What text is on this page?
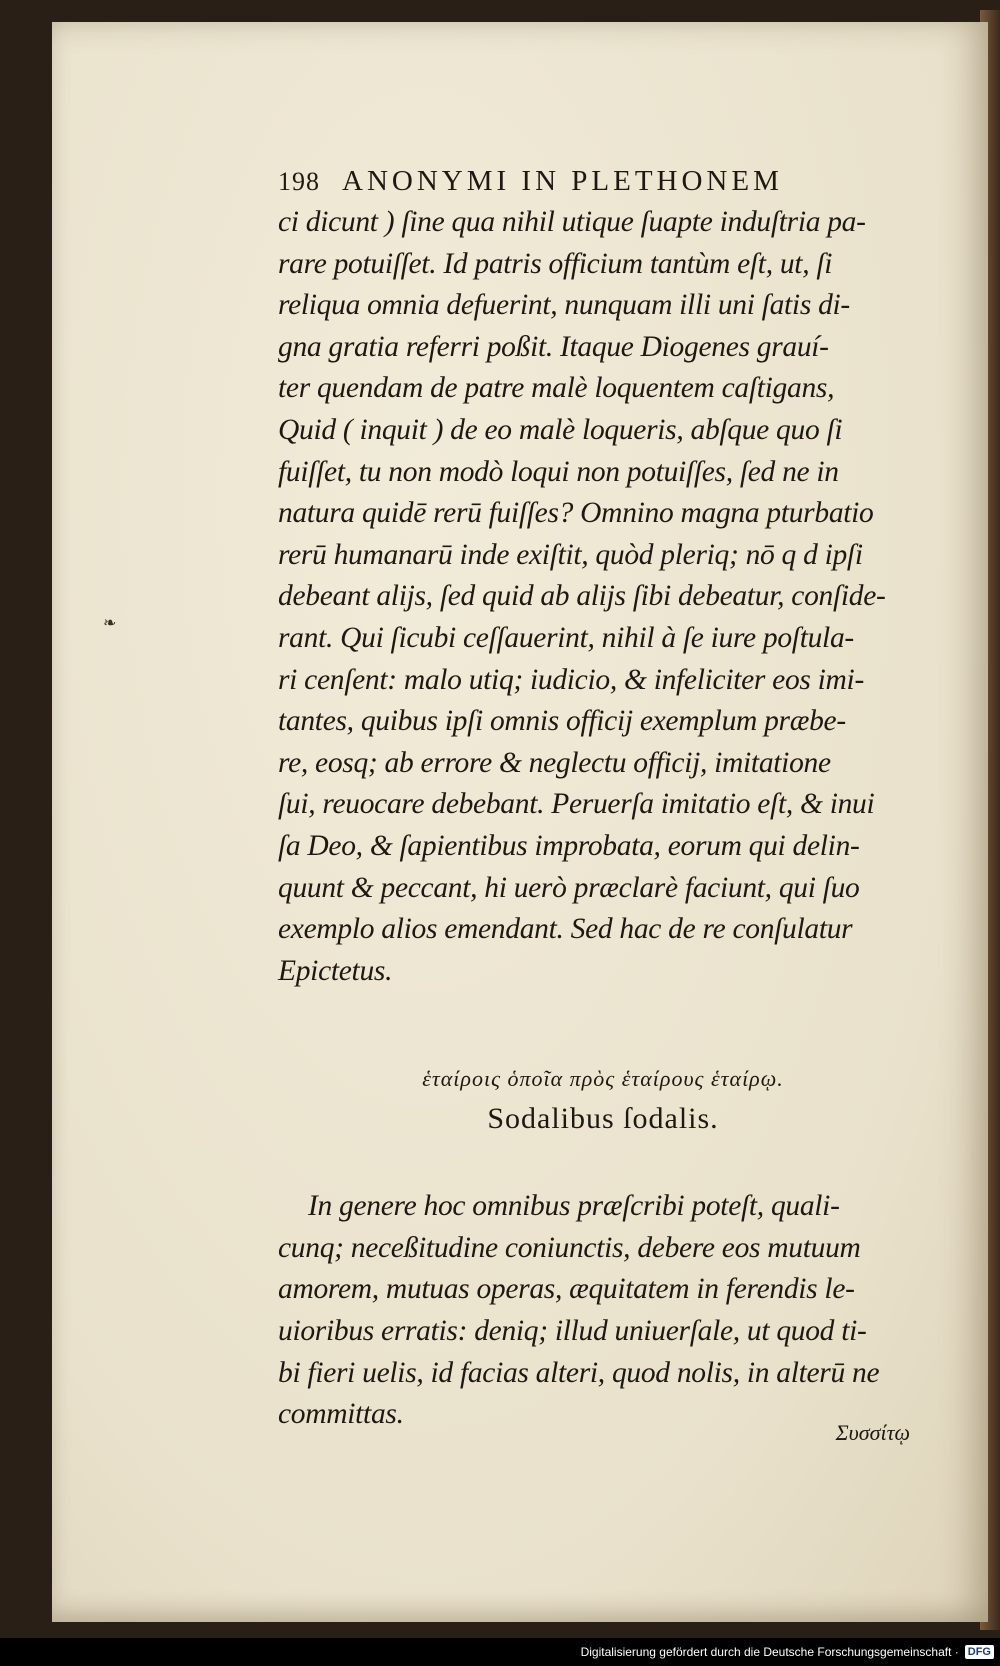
❧
198 ANONYMI IN PLETHONEM
ci dicunt ) ſine qua nihil utique ſuapte induſtria pa-
rare potuiſſet. Id patris officium tantùm eſt, ut, ſi
reliqua omnia defuerint, nunquam illi uni ſatis di-
gna gratia referri poßit. Itaque Diogenes grauí-
ter quendam de patre malè loquentem caſtigans,
Quid ( inquit ) de eo malè loqueris, abſque quo ſi
fuiſſet, tu non modò loqui non potuiſſes, ſed ne in
natura quidē rerū fuiſſes? Omnino magna pturbatio
rerū humanarū inde exiſtit, quòd pleriq; nō q d ipſi
debeant alijs, ſed quid ab alijs ſibi debeatur, conſide-
rant. Qui ſicubi ceſſauerint, nihil à ſe iure poſtula-
ri cenſent: malo utiq; iudicio, & infeliciter eos imi-
tantes, quibus ipſi omnis officij exemplum præbe-
re, eosq; ab errore & neglectu officij, imitatione
ſui, reuocare debebant. Peruerſa imitatio eſt, & inui
ſa Deo, & ſapientibus improbata, eorum qui delin-
quunt & peccant, hi uerò præclarè faciunt, qui ſuo
exemplo alios emendant. Sed hac de re conſulatur
Epictetus.
ἑταίροις ὁποῖα πρὸς ἑταίρους ἑταίρῳ.
Sodalibus ſodalis.
In genere hoc omnibus præſcribi poteſt, quali-
cunq; neceßitudine coniunctis, debere eos mutuum
amorem, mutuas operas, æquitatem in ferendis le-
uioribus erratis: deniq; illud uniuerſale, ut quod ti-
bi fieri uelis, id facias alteri, quod nolis, in alterū ne
committas.
Συσσίτῳ
Digitalisierung gefördert durch die Deutsche Forschungsgemeinschaft · DFG
